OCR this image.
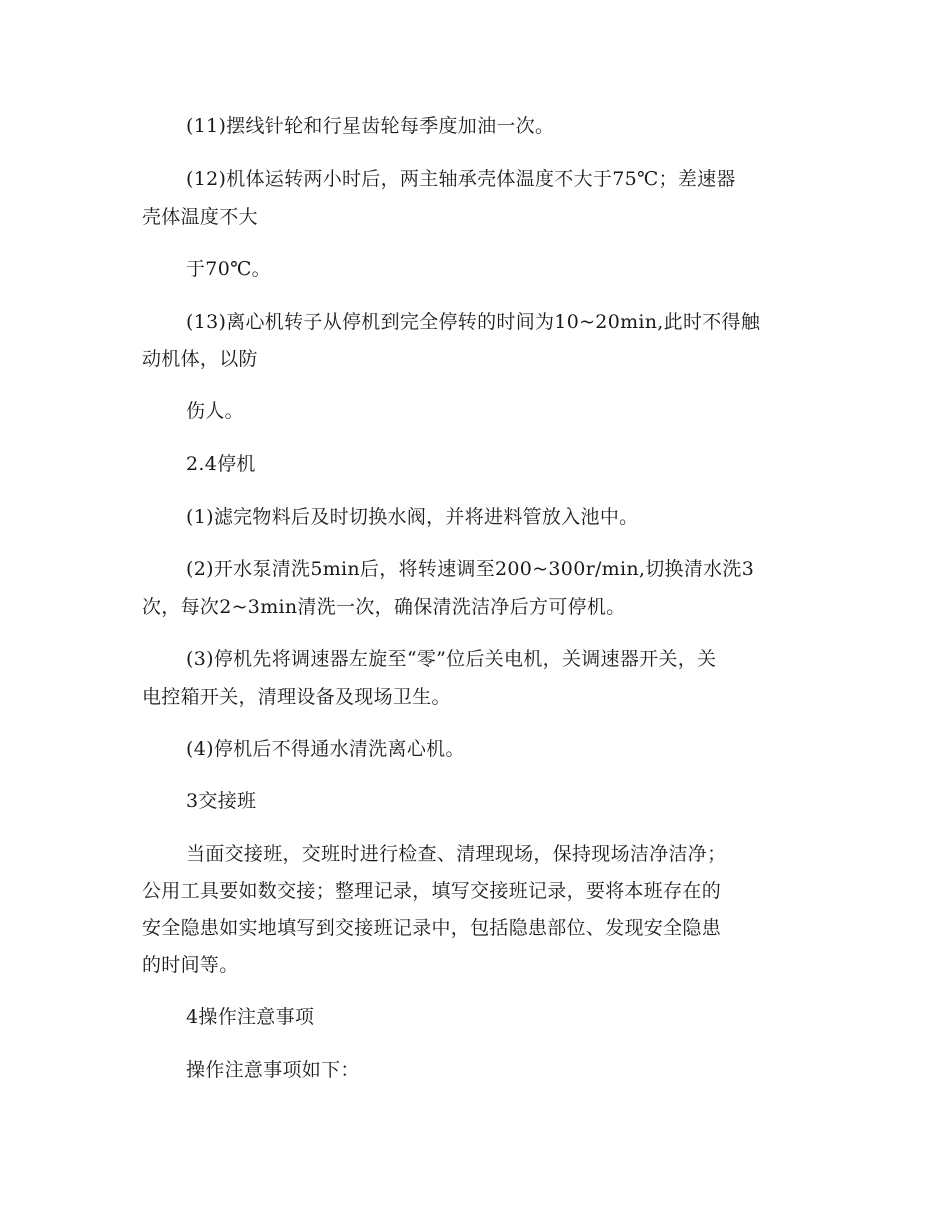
(11)摆线针轮和行星齿轮每季度加油一次。

(12)机体运转两小时后，两主轴承壳体温度不大于75℃；差速器

壳体温度不大

于70℃。

(13)离心机转子从停机到完全停转的时间为10~20min,此时不得触

动机体，以防

伤人。

2.4停机

(1)滤完物料后及时切换水阀，并将进料管放入池中。

(2)开水泵清洗5min后，将转速调至200~300r/min,切换清水洗3

次，每次2~3min清洗一次，确保清洗洁净后方可停机。

(3)停机先将调速器左旋至“零”位后关电机，关调速器开关，关

电控箱开关，清理设备及现场卫生。

(4)停机后不得通水清洗离心机。

3交接班

当面交接班，交班时进行检查、清理现场，保持现场洁净洁净；

公用工具要如数交接；整理记录，填写交接班记录，要将本班存在的

安全隐患如实地填写到交接班记录中，包括隐患部位、发现安全隐患

的时间等。

4操作注意事项

操作注意事项如下：
